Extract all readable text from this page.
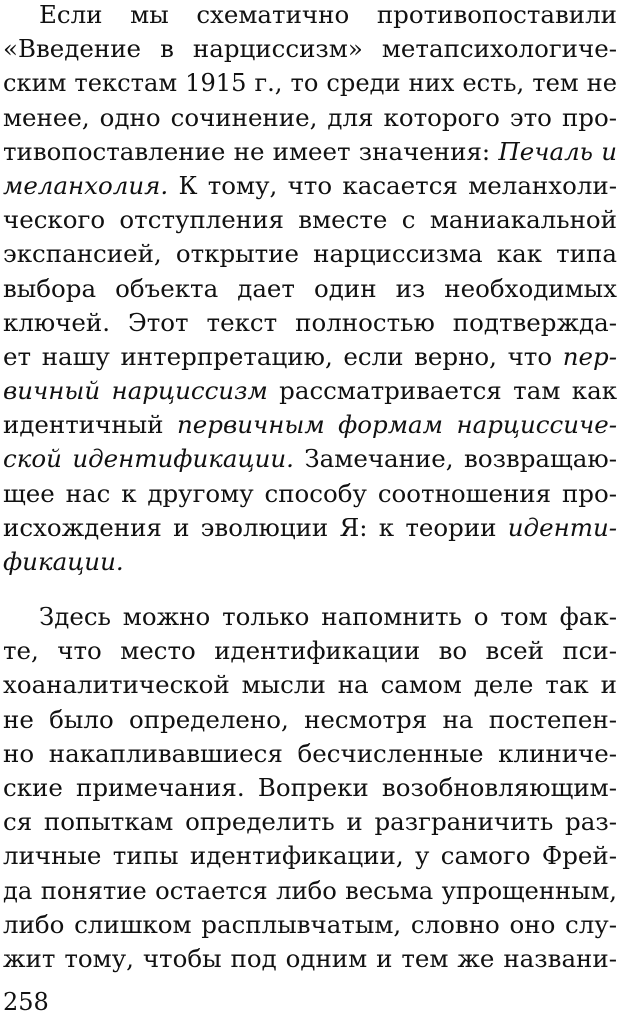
Если мы схематично противопоставили
«Введение в нарциссизм» метапсихологиче-
ским текстам 1915 г., то среди них есть, тем не
менее, одно сочинение, для которого это про-
тивопоставление не имеет значения: Печаль и
меланхолия. К тому, что касается меланхоли-
ческого отступления вместе с маниакальной
экспансией, открытие нарциссизма как типа
выбора объекта дает один из необходимых
ключей. Этот текст полностью подтвержда-
ет нашу интерпретацию, если верно, что пер-
вичный нарциссизм рассматривается там как
идентичный первичным формам нарциссиче-
ской идентификации. Замечание, возвращаю-
щее нас к другому способу соотношения про-
исхождения и эволюции Я: к теории иденти-
фикации.
Здесь можно только напомнить о том фак-
те, что место идентификации во всей пси-
хоаналитической мысли на самом деле так и
не было определено, несмотря на постепен-
но накапливавшиеся бесчисленные клиниче-
ские примечания. Вопреки возобновляющим-
ся попыткам определить и разграничить раз-
личные типы идентификации, у самого Фрей-
да понятие остается либо весьма упрощенным,
либо слишком расплывчатым, словно оно слу-
жит тому, чтобы под одним и тем же названи-
258
